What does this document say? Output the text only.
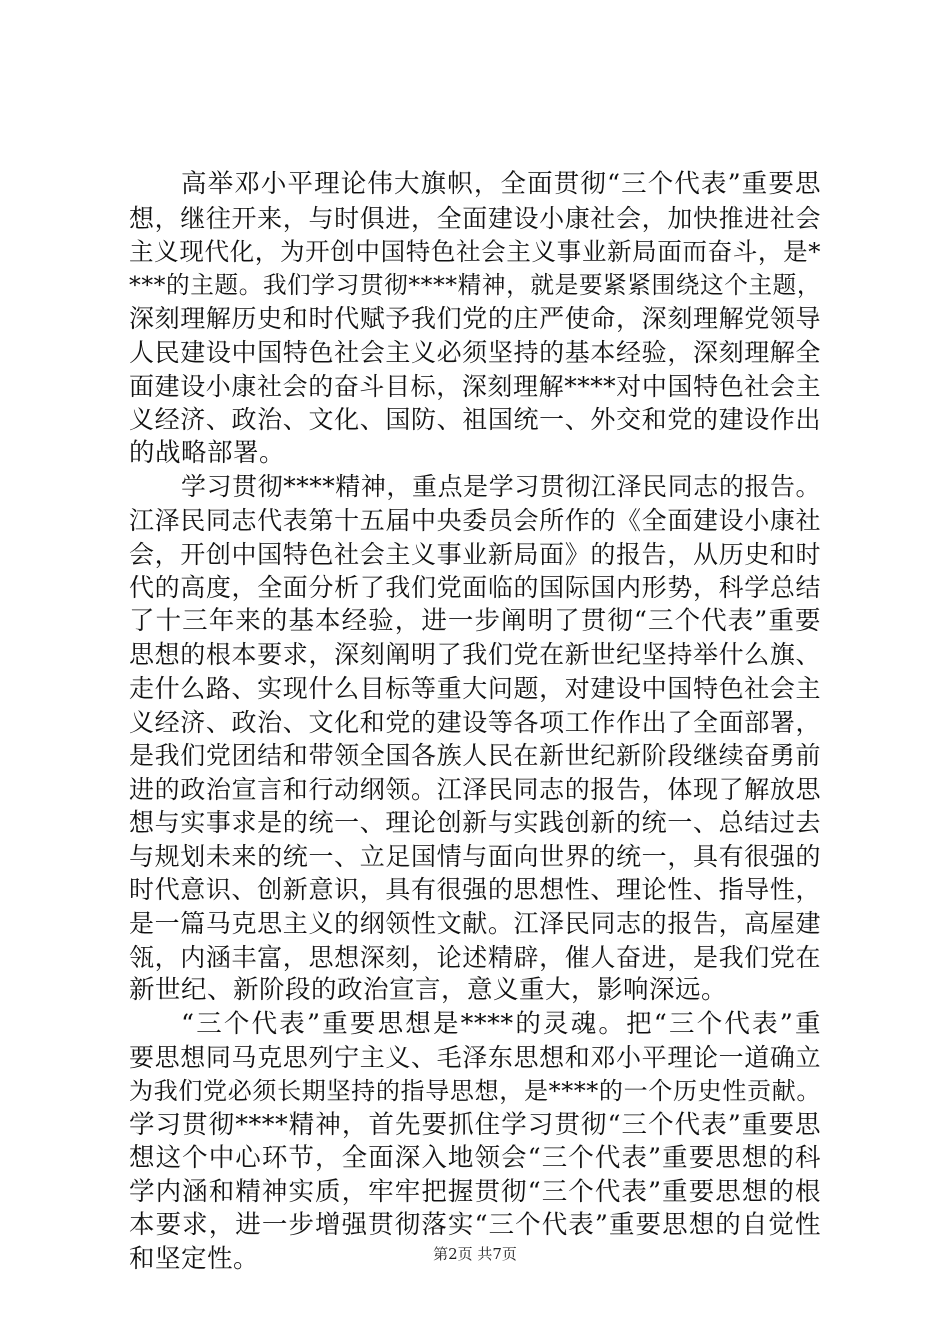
高举邓小平理论伟大旗帜，全面贯彻“三个代表”重要思
想，继往开来，与时俱进，全面建设小康社会，加快推进社会
主义现代化，为开创中国特色社会主义事业新局面而奋斗，是*
***的主题。我们学习贯彻****精神，就是要紧紧围绕这个主题，
深刻理解历史和时代赋予我们党的庄严使命，深刻理解党领导
人民建设中国特色社会主义必须坚持的基本经验，深刻理解全
面建设小康社会的奋斗目标，深刻理解****对中国特色社会主
义经济、政治、文化、国防、祖国统一、外交和党的建设作出
的战略部署。
学习贯彻****精神，重点是学习贯彻江泽民同志的报告。
江泽民同志代表第十五届中央委员会所作的《全面建设小康社
会，开创中国特色社会主义事业新局面》的报告，从历史和时
代的高度，全面分析了我们党面临的国际国内形势，科学总结
了十三年来的基本经验，进一步阐明了贯彻“三个代表”重要
思想的根本要求，深刻阐明了我们党在新世纪坚持举什么旗、
走什么路、实现什么目标等重大问题，对建设中国特色社会主
义经济、政治、文化和党的建设等各项工作作出了全面部署，
是我们党团结和带领全国各族人民在新世纪新阶段继续奋勇前
进的政治宣言和行动纲领。江泽民同志的报告，体现了解放思
想与实事求是的统一、理论创新与实践创新的统一、总结过去
与规划未来的统一、立足国情与面向世界的统一，具有很强的
时代意识、创新意识，具有很强的思想性、理论性、指导性，
是一篇马克思主义的纲领性文献。江泽民同志的报告，高屋建
瓴，内涵丰富，思想深刻，论述精辟，催人奋进，是我们党在
新世纪、新阶段的政治宣言，意义重大，影响深远。
“三个代表”重要思想是****的灵魂。把“三个代表”重
要思想同马克思列宁主义、毛泽东思想和邓小平理论一道确立
为我们党必须长期坚持的指导思想，是****的一个历史性贡献。
学习贯彻****精神，首先要抓住学习贯彻“三个代表”重要思
想这个中心环节，全面深入地领会“三个代表”重要思想的科
学内涵和精神实质，牢牢把握贯彻“三个代表”重要思想的根
本要求，进一步增强贯彻落实“三个代表”重要思想的自觉性
和坚定性。	第2页 共7页
